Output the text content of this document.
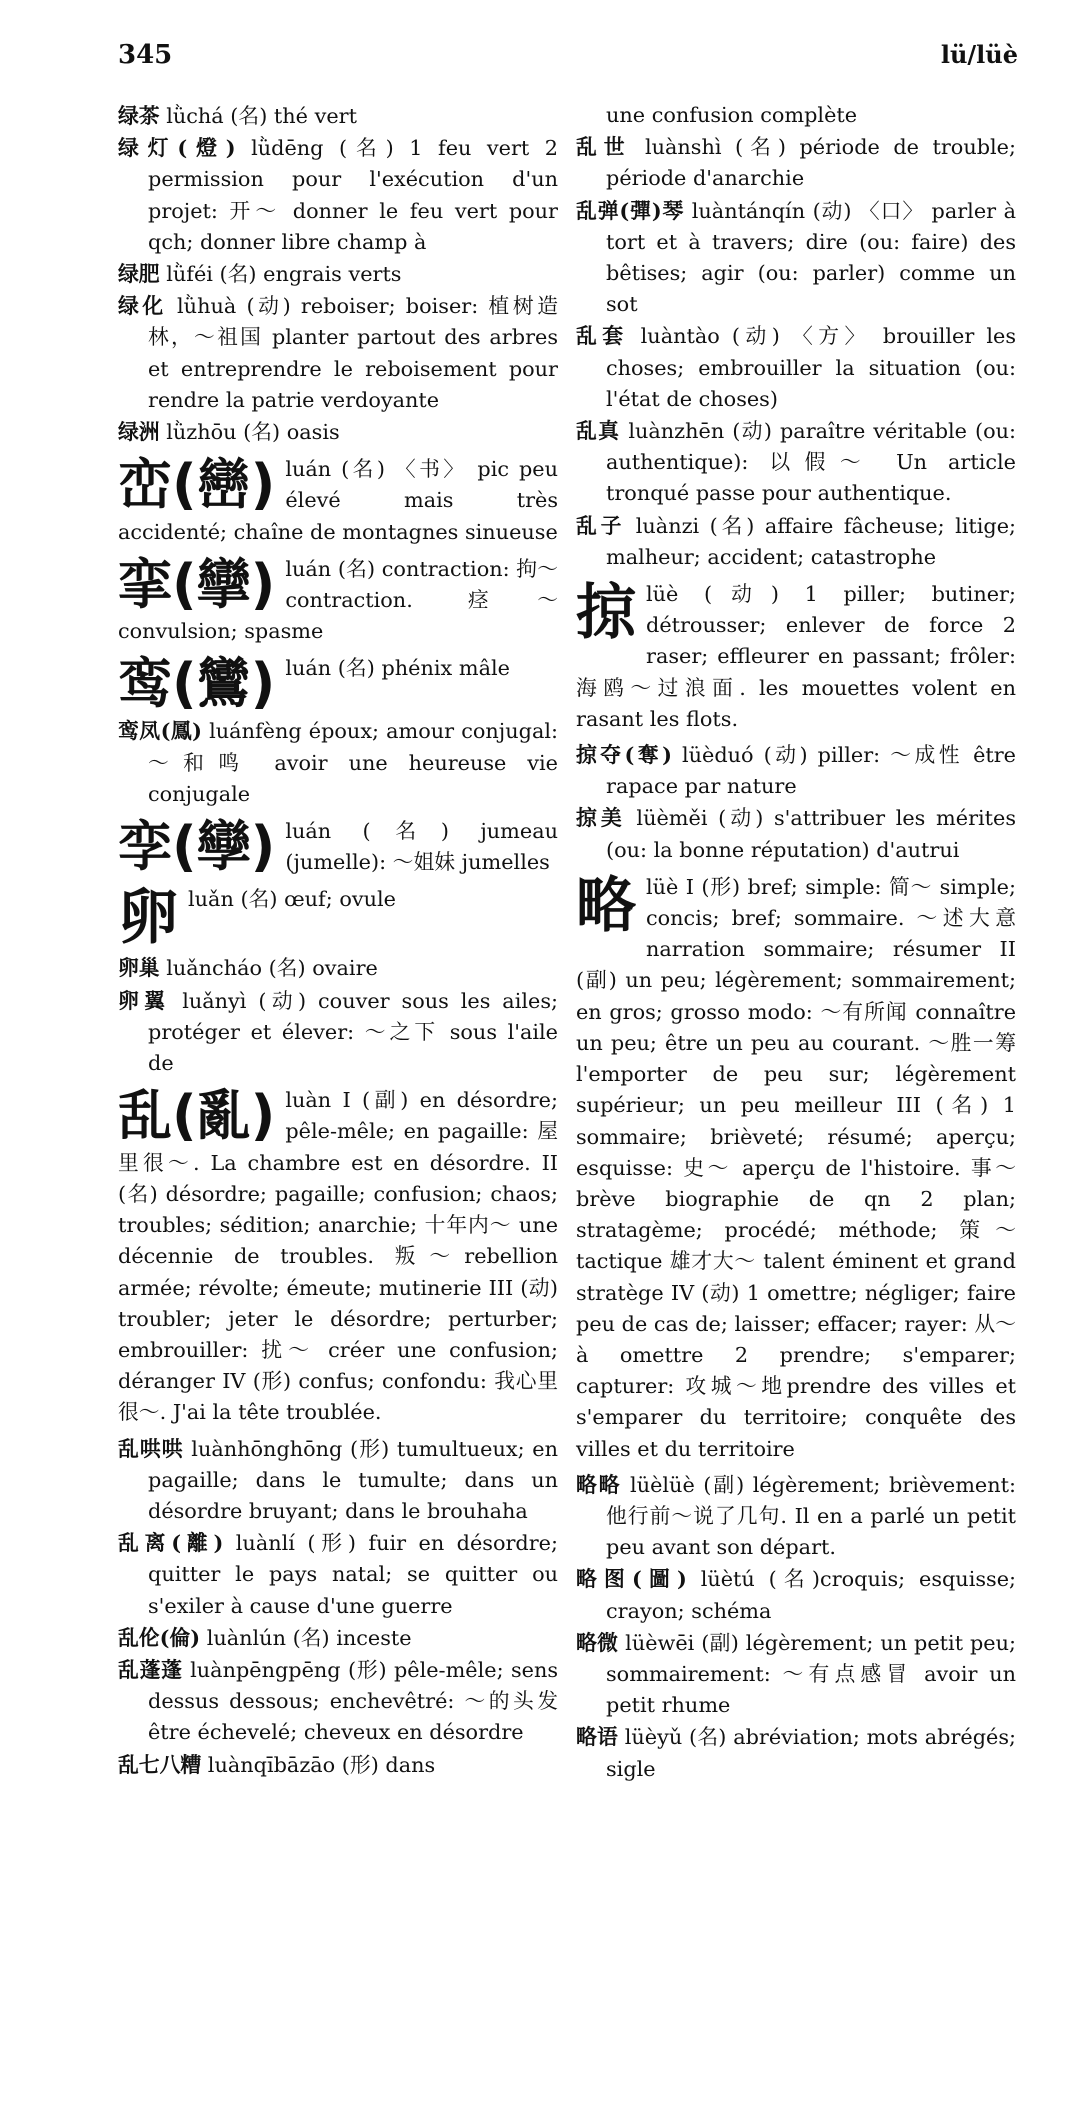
345	lü/lüè
绿茶 lǜchá (名) thé vert
绿灯(燈) lǜdēng (名) 1 feu vert 2 permission pour l'exécution d'un projet: 开～ donner le feu vert pour qch; donner libre champ à
绿肥 lǜféi (名) engrais verts
绿化 lǜhuà (动) reboiser; boiser: 植树造林，～祖国 planter partout des arbres et entreprendre le reboisement pour rendre la patrie verdoyante
绿洲 lǜzhōu (名) oasis
峦(巒) luán (名) 〈书〉 pic peu élevé mais très accidenté; chaîne de montagnes sinueuse
挛(攣) luán (名) contraction: 拘～ contraction. 痉～ convulsion; spasme
鸾(鸞) luán (名) phénix mâle
鸾凤(鳳) luánfèng époux; amour conjugal: ～和鸣 avoir une heureuse vie conjugale
孪(孿) luán (名) jumeau (jumelle): ～姐妹 jumelles
卵luǎn (名) œuf; ovule
卵巢 luǎncháo (名) ovaire
卵翼 luǎnyì (动) couver sous les ailes; protéger et élever: ～之下 sous l'aile de
乱(亂) luàn I (副) en désordre; pêle-mêle; en pagaille: 屋里很～. La chambre est en désordre. II (名) désordre; pagaille; confusion; chaos; troubles; sédition; anarchie; 十年内～ une décennie de troubles. 叛～rebellion armée; révolte; émeute; mutinerie III (动) troubler; jeter le désordre; perturber; embrouiller: 扰～ créer une confusion; déranger IV (形) confus; confondu: 我心里很～. J'ai la tête troublée.
乱哄哄 luànhōnghōng (形) tumultueux; en pagaille; dans le tumulte; dans un désordre bruyant; dans le brouhaha
乱离(離) luànlí (形) fuir en désordre; quitter le pays natal; se quitter ou s'exiler à cause d'une guerre
乱伦(倫) luànlún (名) inceste
乱蓬蓬 luànpēngpēng (形) pêle-mêle; sens dessus dessous; enchevêtré: ～的头发 être échevelé; cheveux en désordre
乱七八糟 luànqībāzāo (形) dans
une confusion complète
乱世 luànshì (名) période de trouble; période d'anarchie
乱弹(彈)琴 luàntánqín (动) 〈口〉 parler à tort et à travers; dire (ou: faire) des bêtises; agir (ou: parler) comme un sot
乱套 luàntào (动) 〈方〉 brouiller les choses; embrouiller la situation (ou: l'état de choses)
乱真 luànzhēn (动) paraître véritable (ou: authentique): 以假～ Un article tronqué passe pour authentique.
乱子 luànzi (名) affaire fâcheuse; litige; malheur; accident; catastrophe
掠lüè (动) 1 piller; butiner; détrousser; enlever de force 2 raser; effleurer en passant; frôler: 海鸥～过浪面. les mouettes volent en rasant les flots.
掠夺(奪) lüèduó (动) piller: ～成性 être rapace par nature
掠美 lüèměi (动) s'attribuer les mérites (ou: la bonne réputation) d'autrui
略lüè I (形) bref; simple: 简～ simple; concis; bref; sommaire. ～述大意 narration sommaire; résumer II (副) un peu; légèrement; sommairement; en gros; grosso modo: ～有所闻 connaître un peu; être un peu au courant. ～胜一筹 l'emporter de peu sur; légèrement supérieur; un peu meilleur III (名) 1 sommaire; brièveté; résumé; aperçu; esquisse: 史～ aperçu de l'histoire. 事～ brève biographie de qn 2 plan; stratagème; procédé; méthode; 策～ tactique 雄才大～ talent éminent et grand stratège IV (动) 1 omettre; négliger; faire peu de cas de; laisser; effacer; rayer: 从～ à omettre 2 prendre; s'emparer; capturer: 攻城～地prendre des villes et s'emparer du territoire; conquête des villes et du territoire
略略 lüèlüè (副) légèrement; brièvement: 他行前～说了几句. Il en a parlé un petit peu avant son départ.
略图(圖) lüètú (名)croquis; esquisse; crayon; schéma
略微 lüèwēi (副) légèrement; un petit peu; sommairement: ～有点感冒 avoir un petit rhume
略语 lüèyǔ (名) abréviation; mots abrégés; sigle
